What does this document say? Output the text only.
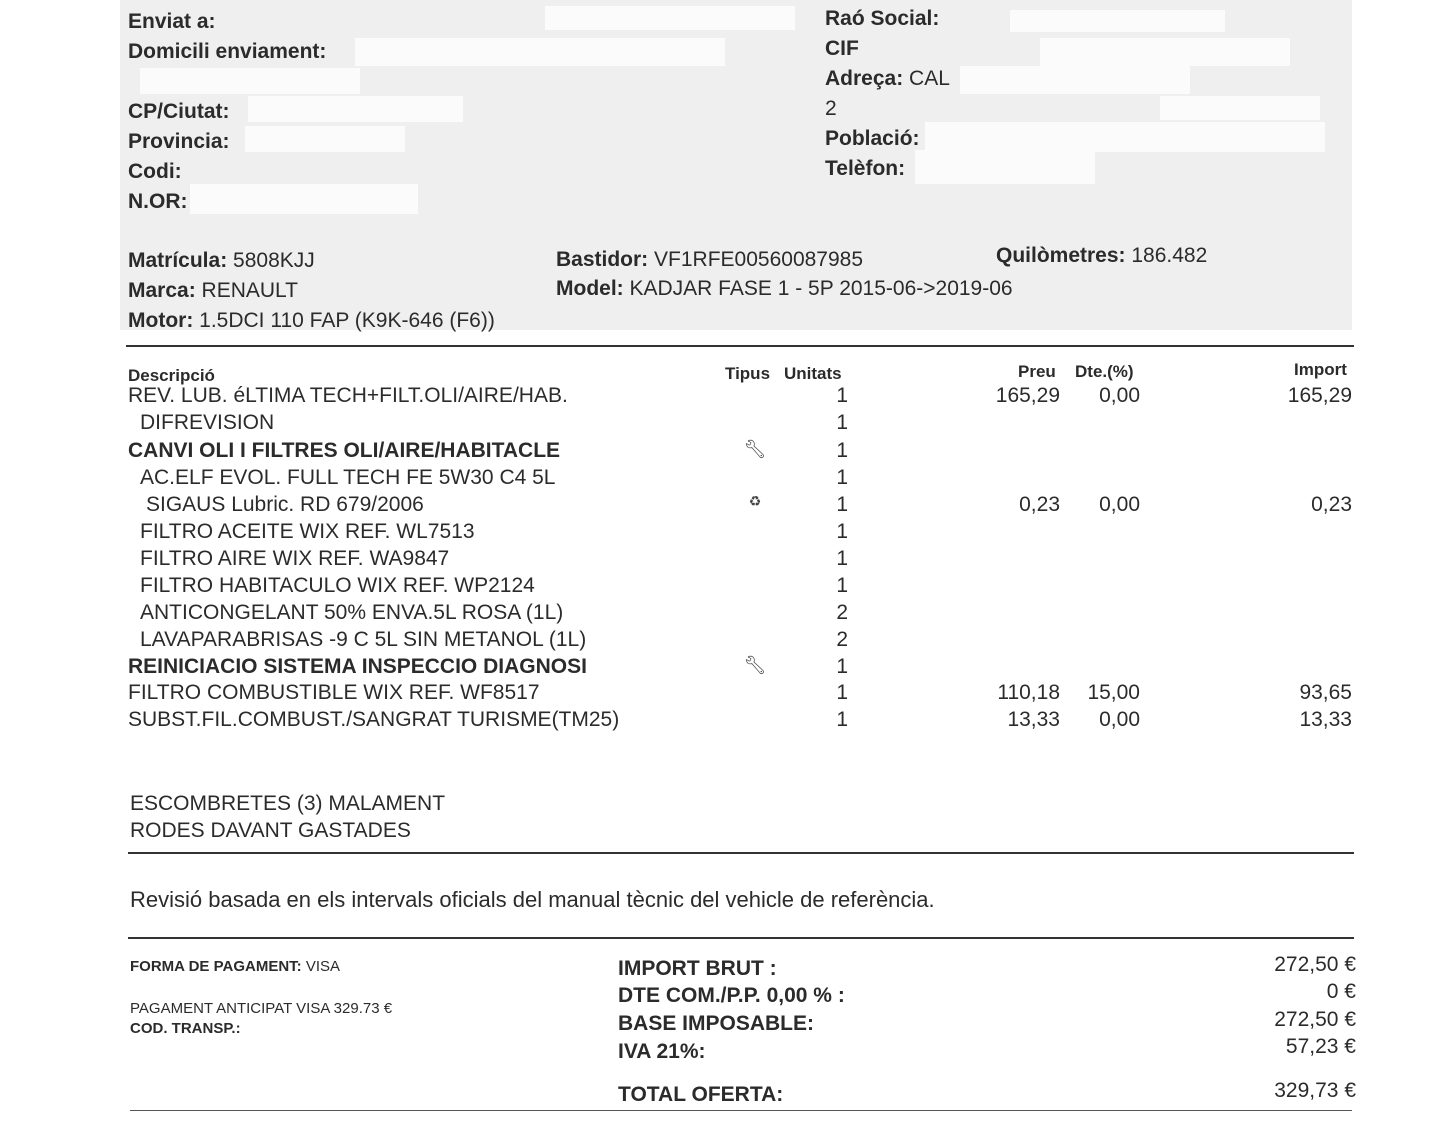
Enviat a:
Domicili enviament:
CP/Ciutat:
Provincia:
Codi:
N.OR:
Raó Social:
CIF
Adreça: CAL
2
Població:
Telèfon:
Matrícula: 5808KJJ
Marca: RENAULT
Motor: 1.5DCI 110 FAP (K9K-646 (F6))
Bastidor: VF1RFE00560087985
Model: KADJAR FASE 1 - 5P 2015-06->2019-06
Quilòmetres: 186.482
Descripció	Tipus Unitats	Preu Dte.(%)	Import
REV. LUB. éLTIMA TECH+FILT.OLI/AIRE/HAB.	1	165,29	0,00	165,29
DIFREVISION	1
CANVI OLI I FILTRES OLI/AIRE/HABITACLE	🔧︎	1
AC.ELF EVOL. FULL TECH FE 5W30 C4 5L	1
SIGAUS Lubric. RD 679/2006	♻	1	0,23	0,00	0,23
FILTRO ACEITE WIX REF. WL7513	1
FILTRO AIRE WIX REF. WA9847	1
FILTRO HABITACULO WIX REF. WP2124	1
ANTICONGELANT 50% ENVA.5L ROSA (1L)	2
LAVAPARABRISAS -9 C 5L SIN METANOL (1L)	2
REINICIACIO SISTEMA INSPECCIO DIAGNOSI	🔧︎	1
FILTRO COMBUSTIBLE WIX REF. WF8517	1	110,18	15,00	93,65
SUBST.FIL.COMBUST./SANGRAT TURISME(TM25)	1	13,33	0,00	13,33
ESCOMBRETES (3) MALAMENT
RODES DAVANT GASTADES
Revisió basada en els intervals oficials del manual tècnic del vehicle de referència.
FORMA DE PAGAMENT: VISA
PAGAMENT ANTICIPAT VISA 329.73 €
COD. TRANSP.:
IMPORT BRUT :	272,50 €
DTE COM./P.P. 0,00 % :	0 €
BASE IMPOSABLE:	272,50 €
IVA 21%:	57,23 €
TOTAL OFERTA:	329,73 €
